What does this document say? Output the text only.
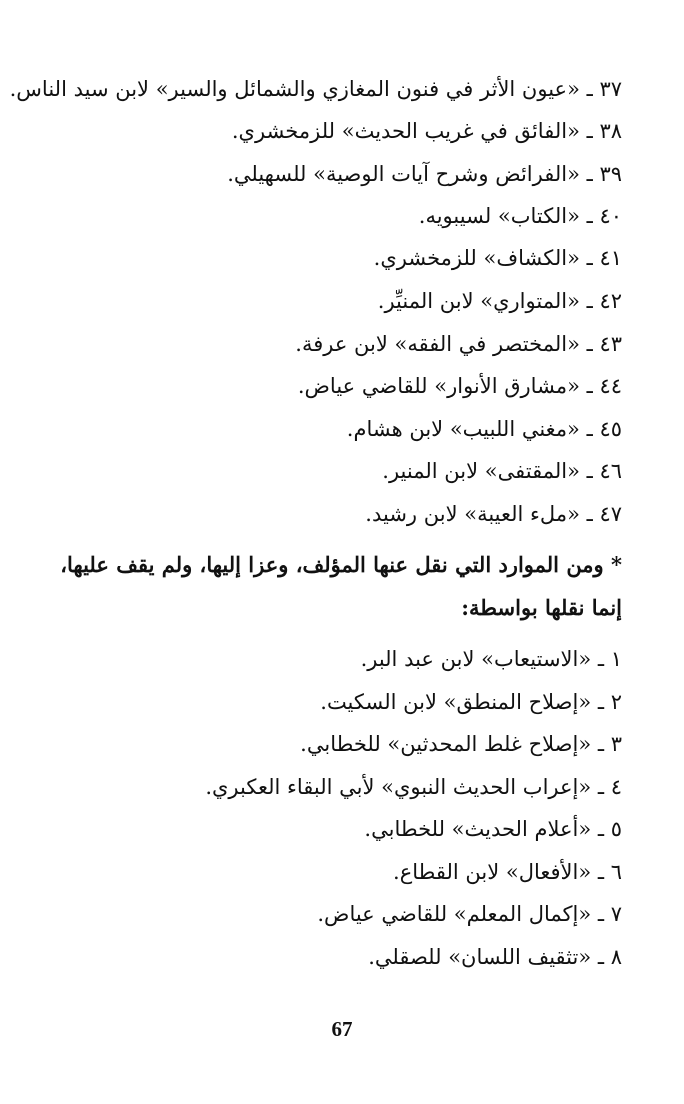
٣٧ ـ «عيون الأثر في فنون المغازي والشمائل والسير» لابن سيد الناس.
٣٨ ـ «الفائق في غريب الحديث» للزمخشري.
٣٩ ـ «الفرائض وشرح آيات الوصية» للسهيلي.
٤٠ ـ «الكتاب» لسيبويه.
٤١ ـ «الكشاف» للزمخشري.
٤٢ ـ «المتواري» لابن المنيِّر.
٤٣ ـ «المختصر في الفقه» لابن عرفة.
٤٤ ـ «مشارق الأنوار» للقاضي عياض.
٤٥ ـ «مغني اللبيب» لابن هشام.
٤٦ ـ «المقتفى» لابن المنير.
٤٧ ـ «ملء العيبة» لابن رشيد.
* ومن الموارد التي نقل عنها المؤلف، وعزا إليها، ولم يقف عليها،
إنما نقلها بواسطة:
١ ـ «الاستيعاب» لابن عبد البر.
٢ ـ «إصلاح المنطق» لابن السكيت.
٣ ـ «إصلاح غلط المحدثين» للخطابي.
٤ ـ «إعراب الحديث النبوي» لأبي البقاء العكبري.
٥ ـ «أعلام الحديث» للخطابي.
٦ ـ «الأفعال» لابن القطاع.
٧ ـ «إكمال المعلم» للقاضي عياض.
٨ ـ «تثقيف اللسان» للصقلي.
67
